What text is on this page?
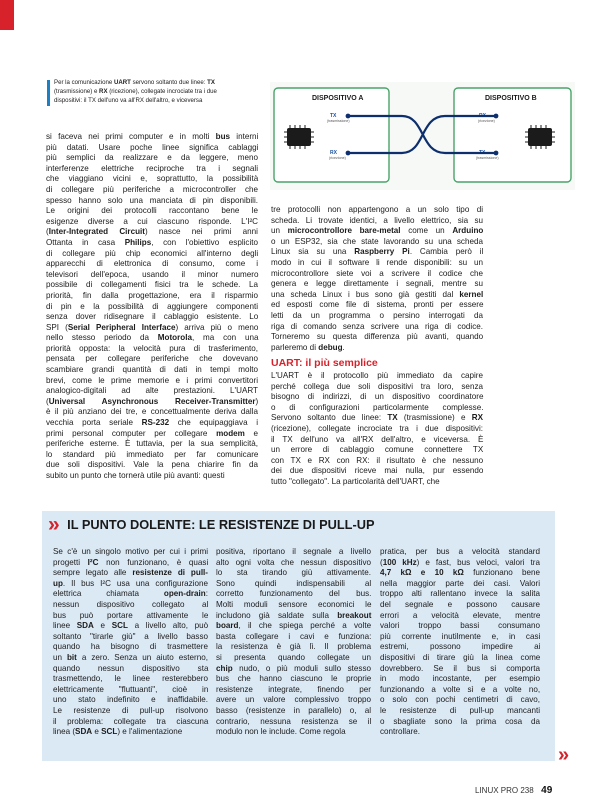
Per la comunicazione UART servono soltanto due linee: TX
(trasmissione) e RX (ricezione), collegate incrociate tra i due
dispositivi: il TX dell'uno va all'RX dell'altro, e viceversa	DISPOSITIVO A	DISPOSITIVO B
TX
(trasmissione)
RX
(ricezione)
RX
(ricezione)
TX
(trasmissione)
si faceva nei primi computer e in molti bus interni
più datati. Usare poche linee significa cablaggi
più semplici da realizzare e da leggere, meno
interferenze elettriche reciproche tra i segnali
che viaggiano vicini e, soprattutto, la possibilità
di collegare più periferiche a microcontroller che
spesso hanno solo una manciata di pin disponibili.
Le origini dei protocolli raccontano bene le
esigenze diverse a cui ciascuno risponde. L'I²C
(Inter-Integrated Circuit) nasce nei primi anni
Ottanta in casa Philips, con l'obiettivo esplicito
di collegare più chip economici all'interno degli
apparecchi di elettronica di consumo, come i
televisori dell'epoca, usando il minor numero
possibile di collegamenti fisici tra le schede. La
priorità, fin dalla progettazione, era il risparmio
di pin e la possibilità di aggiungere componenti
senza dover ridisegnare il cablaggio esistente. Lo
SPI (Serial Peripheral Interface) arriva più o meno
nello stesso periodo da Motorola, ma con una
priorità opposta: la velocità pura di trasferimento,
pensata per collegare periferiche che dovevano
scambiare grandi quantità di dati in tempi molto
brevi, come le prime memorie e i primi convertitori
analogico-digitali ad alte prestazioni. L'UART
(Universal Asynchronous Receiver-Transmitter)
è il più anziano dei tre, e concettualmente deriva dalla
vecchia porta seriale RS-232 che equipaggiava i
primi personal computer per collegare modem e
periferiche esterne. È tuttavia, per la sua semplicità,
lo standard più immediato per far comunicare
due soli dispositivi. Vale la pena chiarire fin da
subito un punto che tornerà utile più avanti: questi
tre protocolli non appartengono a un solo tipo di
scheda. Li trovate identici, a livello elettrico, sia su
un microcontrollore bare-metal come un Arduino
o un ESP32, sia che state lavorando su una scheda
Linux sia su una Raspberry Pi. Cambia però il
modo in cui il software li rende disponibili: su un
microcontrollore siete voi a scrivere il codice che
genera e legge direttamente i segnali, mentre su
una scheda Linux i bus sono già gestiti dal kernel
ed esposti come file di sistema, pronti per essere
letti da un programma o persino interrogati da
riga di comando senza scrivere una riga di codice.
Torneremo su questa differenza più avanti, quando
parleremo di debug.
UART: il più semplice
L'UART è il protocollo più immediato da capire
perché collega due soli dispositivi tra loro, senza
bisogno di indirizzi, di un dispositivo coordinatore
o di configurazioni particolarmente complesse.
Servono soltanto due linee: TX (trasmissione) e RX
(ricezione), collegate incrociate tra i due dispositivi:
il TX dell'uno va all'RX dell'altro, e viceversa. È
un errore di cablaggio comune connettere TX
con TX e RX con RX: il risultato è che nessuno
dei due dispositivi riceve mai nulla, pur essendo
tutto "collegato". La particolarità dell'UART, che
» $^{IL PUNTO DOLENTE: LE RESISTENZE DI PULL-UP}$
Se c'è un singolo motivo per cui i primi
progetti I²C non funzionano, è quasi
sempre legato alle resistenze di pull-
up. Il bus I²C usa una configurazione
elettrica chiamata open-drain:
nessun dispositivo collegato al
bus può portare attivamente le
linee SDA e SCL a livello alto, può
soltanto "tirarle giù" a livello basso
quando ha bisogno di trasmettere
un bit a zero. Senza un aiuto esterno,
quando nessun dispositivo sta
trasmettendo, le linee resterebbero
elettricamente "fluttuanti", cioè in
uno stato indefinito e inaffidabile.
Le resistenze di pull-up risolvono
il problema: collegate tra ciascuna
linea (SDA e SCL) e l'alimentazione
positiva, riportano il segnale a livello
alto ogni volta che nessun dispositivo
lo sta tirando giù attivamente.
Sono quindi indispensabili al
corretto funzionamento del bus.
Molti moduli sensore economici le
includono già saldate sulla breakout
board, il che spiega perché a volte
basta collegare i cavi e funziona:
la resistenza è già lì. Il problema
si presenta quando collegate un
chip nudo, o più moduli sullo stesso
bus che hanno ciascuno le proprie
resistenze integrate, finendo per
avere un valore complessivo troppo
basso (resistenze in parallelo) o, al
contrario, nessuna resistenza se il
modulo non le include. Come regola
pratica, per bus a velocità standard
(100 kHz) e fast, bus veloci, valori tra
4,7 kΩ e 10 kΩ funzionano bene
nella maggior parte dei casi. Valori
troppo alti rallentano invece la salita
del segnale e possono causare
errori a velocità elevate, mentre
valori troppo bassi consumano
più corrente inutilmente e, in casi
estremi, possono impedire ai
dispositivi di tirare giù la linea come
dovrebbero. Se il bus si comporta
in modo incostante, per esempio
funzionando a volte sì e a volte no,
o solo con pochi centimetri di cavo,
le resistenze di pull-up mancanti
o sbagliate sono la prima cosa da
controllare.
»
LINUX PRO 238 49
